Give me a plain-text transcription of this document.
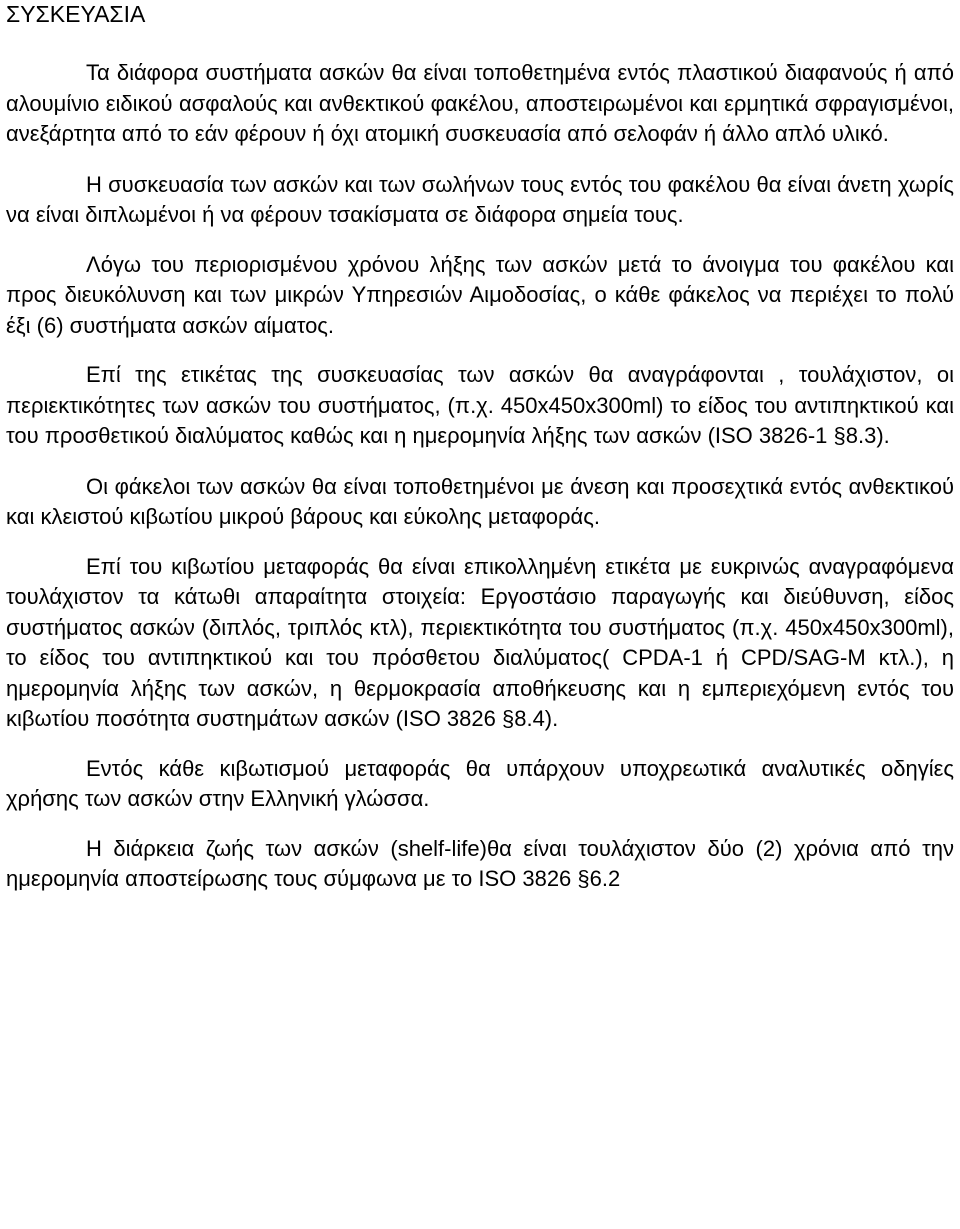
ΣΥΣΚΕΥΑΣΙΑ

Τα διάφορα συστήματα ασκών θα είναι τοποθετημένα εντός πλαστικού διαφανούς ή από αλουμίνιο ειδικού ασφαλούς και ανθεκτικού φακέλου, αποστειρωμένοι και ερμητικά σφραγισμένοι, ανεξάρτητα από το εάν φέρουν ή όχι ατομική συσκευασία από σελοφάν ή άλλο απλό υλικό.

Η συσκευασία των ασκών και των σωλήνων τους εντός του φακέλου θα είναι άνετη χωρίς να είναι διπλωμένοι ή να φέρουν τσακίσματα σε διάφορα σημεία τους.

Λόγω του περιορισμένου χρόνου λήξης των ασκών μετά το άνοιγμα του φακέλου και προς διευκόλυνση και των μικρών Υπηρεσιών Αιμοδοσίας, ο κάθε φάκελος να περιέχει το πολύ έξι (6) συστήματα ασκών αίματος.

Επί της ετικέτας της συσκευασίας των ασκών θα αναγράφονται , τουλάχιστον, οι περιεκτικότητες των ασκών του συστήματος, (π.χ. 450x450x300ml) το είδος του αντιπηκτικού και του προσθετικού διαλύματος καθώς και η ημερομηνία λήξης των ασκών (ISO 3826-1 §8.3).

Οι φάκελοι των ασκών θα είναι τοποθετημένοι με άνεση και προσεχτικά εντός ανθεκτικού και κλειστού κιβωτίου μικρού βάρους και εύκολης μεταφοράς.

Επί του κιβωτίου μεταφοράς θα είναι επικολλημένη ετικέτα με ευκρινώς αναγραφόμενα τουλάχιστον τα κάτωθι απαραίτητα στοιχεία: Εργοστάσιο παραγωγής και διεύθυνση, είδος συστήματος ασκών (διπλός, τριπλός κτλ), περιεκτικότητα του συστήματος (π.χ. 450x450x300ml), το είδος του αντιπηκτικού και του πρόσθετου διαλύματος( CPDA-1 ή CPD/SAG-M κτλ.), η ημερομηνία λήξης των ασκών, η θερμοκρασία αποθήκευσης και η εμπεριεχόμενη εντός του κιβωτίου ποσότητα συστημάτων ασκών (ISO 3826 §8.4).

Εντός κάθε κιβωτισμού μεταφοράς θα υπάρχουν υποχρεωτικά αναλυτικές οδηγίες χρήσης των ασκών στην Ελληνική γλώσσα.

Η διάρκεια ζωής των ασκών (shelf-life)θα είναι τουλάχιστον δύο (2) χρόνια από την ημερομηνία αποστείρωσης τους σύμφωνα με το ISO 3826 §6.2
